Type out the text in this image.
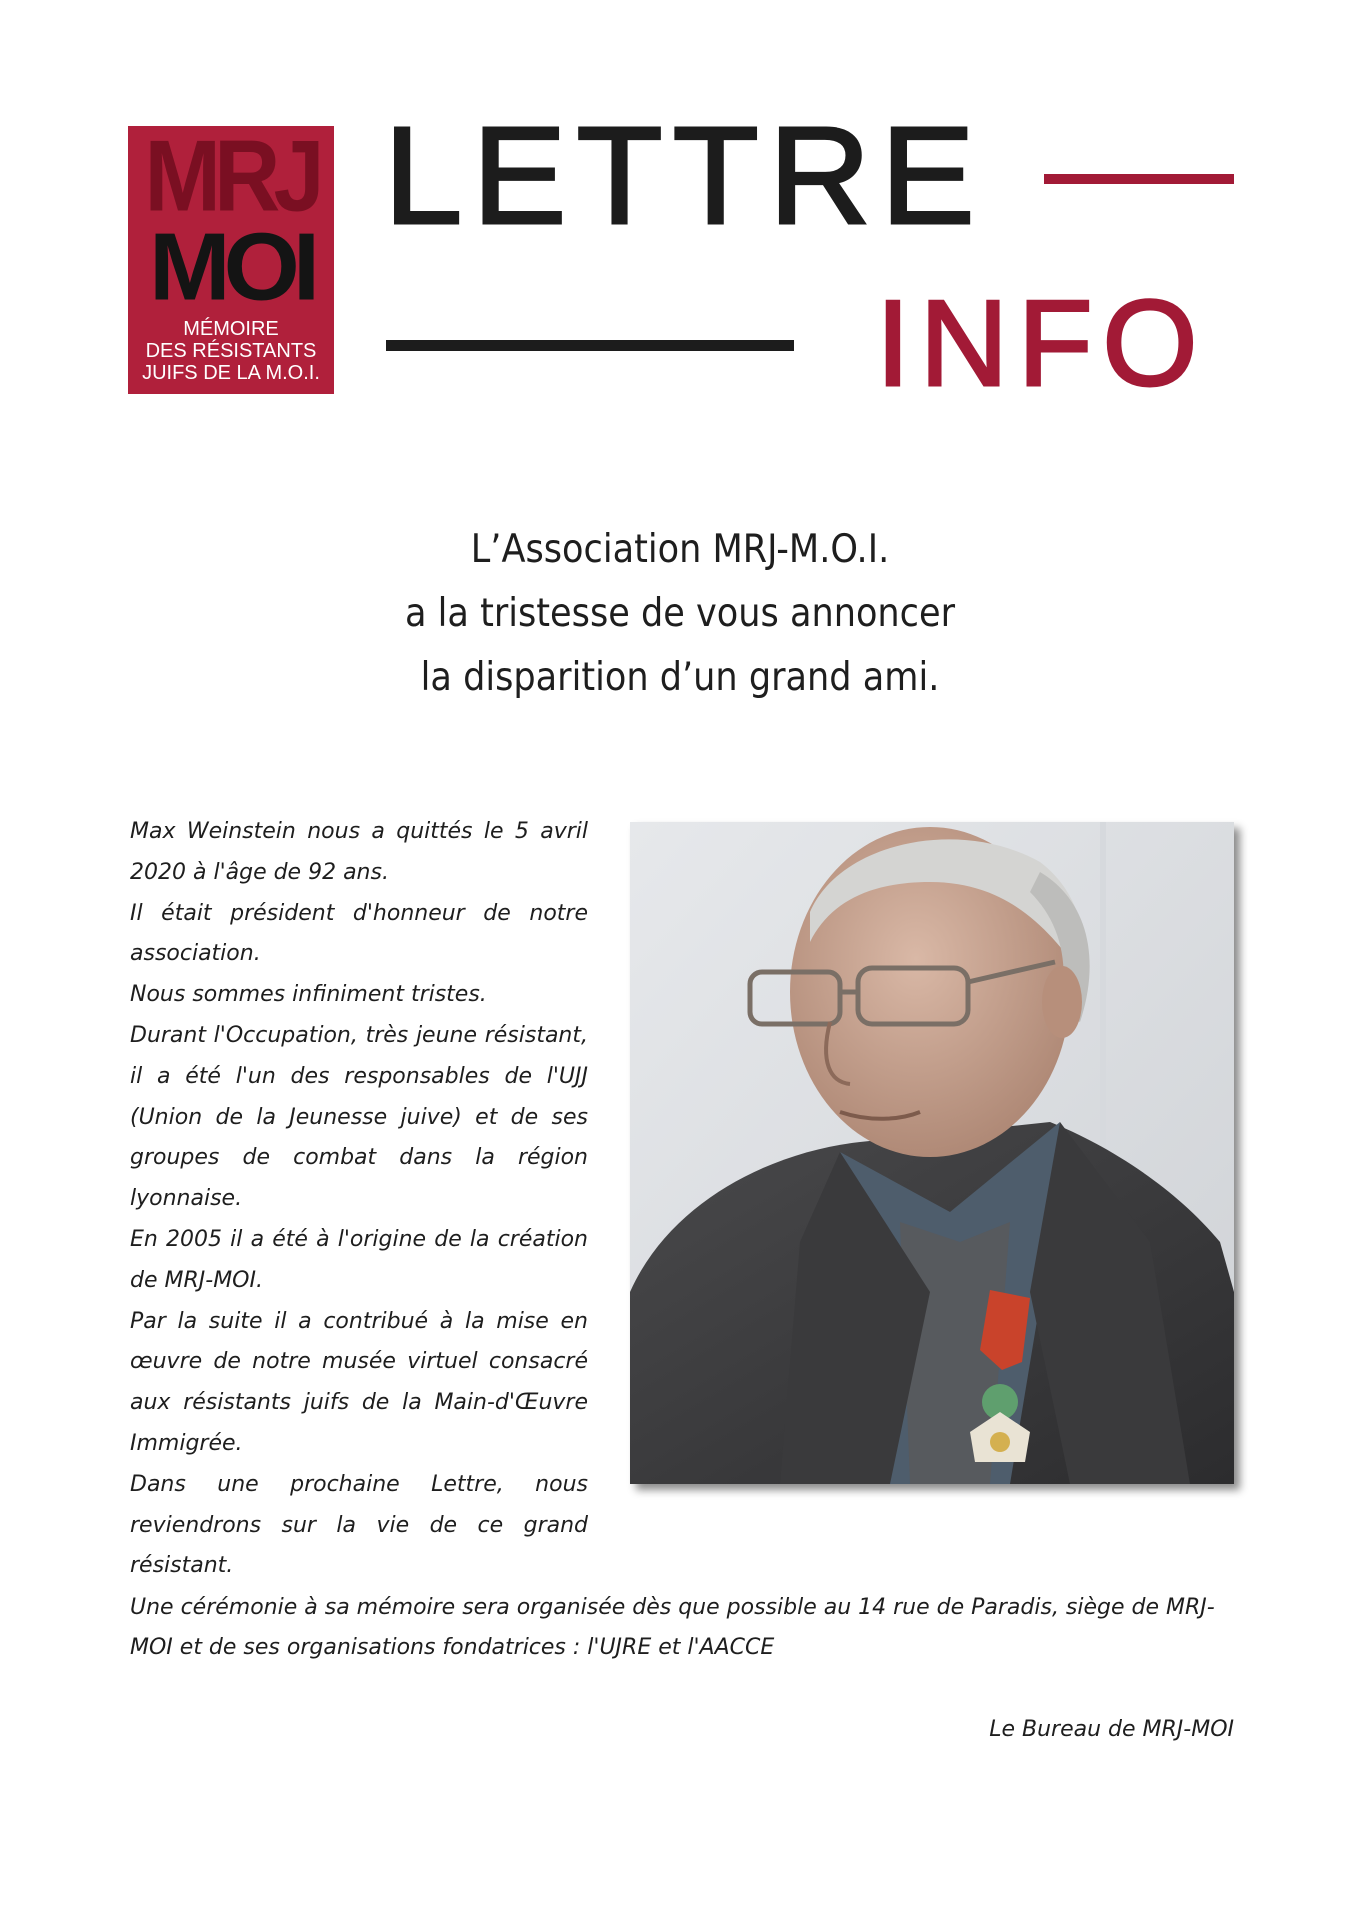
MRJ
MOI
MÉMOIRE
DES RÉSISTANTS
JUIFS DE LA M.O.I.
LETTRE
INFO
L’Association MRJ-M.O.I.
a la tristesse de vous annoncer
la disparition d’un grand ami.

Max Weinstein nous a quittés le 5 avril 2020 à l'âge de 92 ans.

Il était président d'honneur de notre association.

Nous sommes infiniment tristes.

Durant l'Occupation, très jeune résistant, il a été l'un des responsables de l'UJJ (Union de la Jeunesse juive) et de ses groupes de combat dans la région lyonnaise.

En 2005 il a été à l'origine de la création de MRJ-MOI.

Par la suite il a contribué à la mise en œuvre de notre musée virtuel consacré aux résistants juifs de la Main-d'Œuvre Immigrée.

Dans une prochaine Lettre, nous reviendrons sur la vie de ce grand résistant.

Une cérémonie à sa mémoire sera organisée dès que possible au 14 rue de Paradis, siège de MRJ-MOI et de ses organisations fondatrices : l'UJRE et l'AACCE

Le Bureau de MRJ-MOI
